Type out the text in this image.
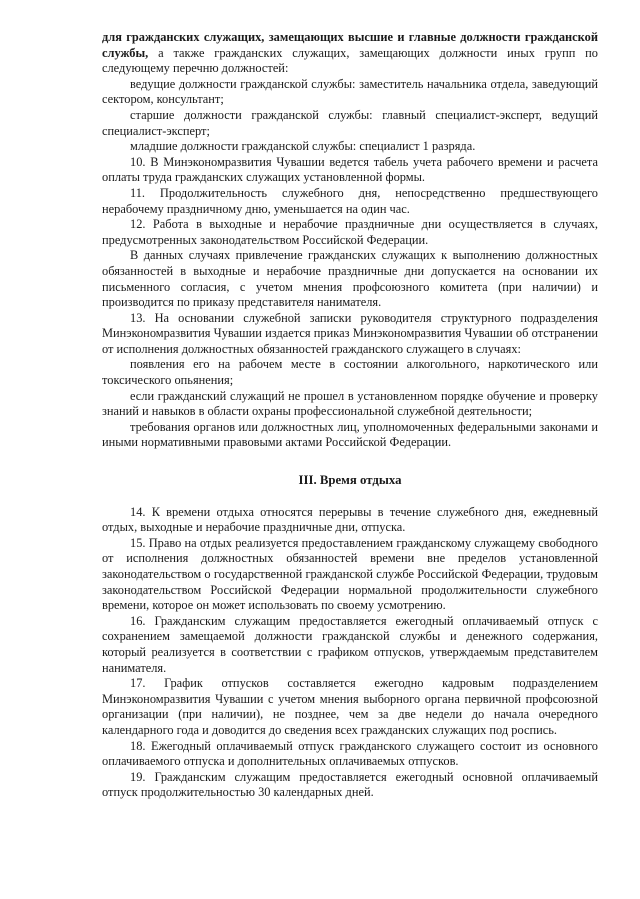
для гражданских служащих, замещающих высшие и главные должности гражданской службы, а также гражданских служащих, замещающих должности иных групп по следующему перечню должностей:

ведущие должности гражданской службы: заместитель начальника отдела, заведующий сектором, консультант;

старшие должности гражданской службы: главный специалист-эксперт, ведущий специалист-эксперт;

младшие должности гражданской службы: специалист 1 разряда.

10. В Минэкономразвития Чувашии ведется табель учета рабочего времени и расчета оплаты труда гражданских служащих установленной формы.

11. Продолжительность служебного дня, непосредственно предшествующего нерабочему праздничному дню, уменьшается на один час.

12. Работа в выходные и нерабочие праздничные дни осуществляется в случаях, предусмотренных законодательством Российской Федерации.

В данных случаях привлечение гражданских служащих к выполнению должностных обязанностей в выходные и нерабочие праздничные дни допускается на основании их письменного согласия, с учетом мнения профсоюзного комитета (при наличии) и производится по приказу представителя нанимателя.

13. На основании служебной записки руководителя структурного подразделения Минэкономразвития Чувашии издается приказ Минэкономразвития Чувашии об отстранении от исполнения должностных обязанностей гражданского служащего в случаях:

появления его на рабочем месте в состоянии алкогольного, наркотического или токсического опьянения;

если гражданский служащий не прошел в установленном порядке обучение и проверку знаний и навыков в области охраны профессиональной служебной деятельности;

требования органов или должностных лиц, уполномоченных федеральными законами и иными нормативными правовыми актами Российской Федерации.

III. Время отдыха

14. К времени отдыха относятся перерывы в течение служебного дня, ежедневный отдых, выходные и нерабочие праздничные дни, отпуска.

15. Право на отдых реализуется предоставлением гражданскому служащему свободного от исполнения должностных обязанностей времени вне пределов установленной законодательством о государственной гражданской службе Российской Федерации, трудовым законодательством Российской Федерации нормальной продолжительности служебного времени, которое он может использовать по своему усмотрению.

16. Гражданским служащим предоставляется ежегодный оплачиваемый отпуск с сохранением замещаемой должности гражданской службы и денежного содержания, который реализуется в соответствии с графиком отпусков, утверждаемым представителем нанимателя.

17. График отпусков составляется ежегодно кадровым подразделением Минэкономразвития Чувашии с учетом мнения выборного органа первичной профсоюзной организации (при наличии), не позднее, чем за две недели до начала очередного календарного года и доводится до сведения всех гражданских служащих под роспись.

18. Ежегодный оплачиваемый отпуск гражданского служащего состоит из основного оплачиваемого отпуска и дополнительных оплачиваемых отпусков.

19. Гражданским служащим предоставляется ежегодный основной оплачиваемый отпуск продолжительностью 30 календарных дней.
